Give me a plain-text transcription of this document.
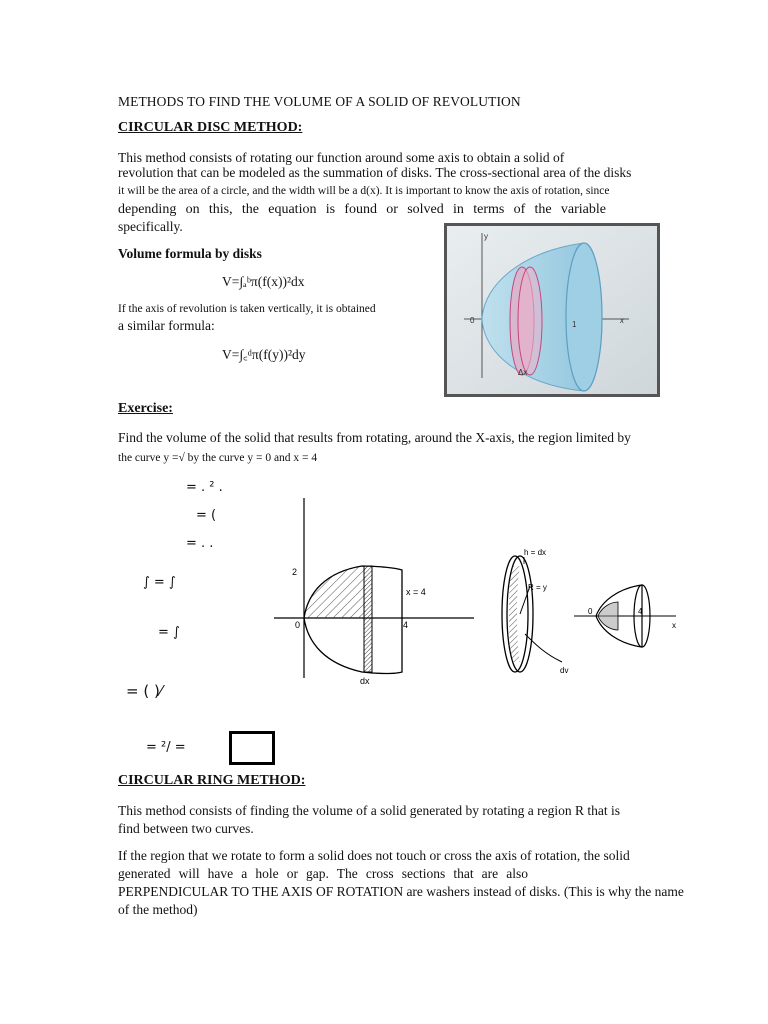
METHODS TO FIND THE VOLUME OF A SOLID OF REVOLUTION
CIRCULAR DISC METHOD:
This method consists of rotating our function around some axis to obtain a solid of
revolution that can be modeled as the summation of disks. The cross-sectional area of the disks
it will be the area of a circle, and the width will be a d(x). It is important to know the axis of rotation, since
depending on this, the equation is found or solved in terms of the variable
specifically.
Volume formula by disks
V=∫ₐᵇπ(f(x))²dx
If the axis of revolution is taken vertically, it is obtained
a similar formula:
V=∫꜀ᵈπ(f(y))²dy
y
x
0	1
Δx
Exercise:
Find the volume of the solid that results from rotating, around the X-axis, the region limited by
the curve y =√ by the curve y = 0 and x = 4
= . ² .
= (
= . .
∫ = ∫
= ∫
= ( )⁄
= ²/ =
2
0	4
x = 4
dx
h = dx
R = y
dv
0	4
x
CIRCULAR RING METHOD:
This method consists of finding the volume of a solid generated by rotating a region R that is
find between two curves.
If the region that we rotate to form a solid does not touch or cross the axis of rotation, the solid
generated will have a hole or gap. The cross sections that are also
PERPENDICULAR TO THE AXIS OF ROTATION are washers instead of disks. (This is why the name
of the method)
